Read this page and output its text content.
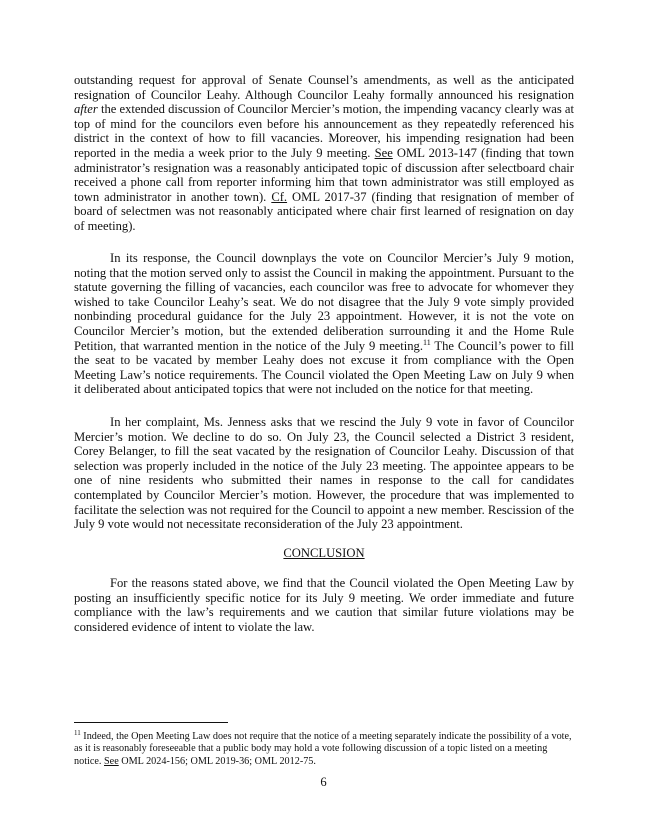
outstanding request for approval of Senate Counsel’s amendments, as well as the anticipated resignation of Councilor Leahy. Although Councilor Leahy formally announced his resignation after the extended discussion of Councilor Mercier’s motion, the impending vacancy clearly was at top of mind for the councilors even before his announcement as they repeatedly referenced his district in the context of how to fill vacancies. Moreover, his impending resignation had been reported in the media a week prior to the July 9 meeting. See OML 2013-147 (finding that town administrator’s resignation was a reasonably anticipated topic of discussion after selectboard chair received a phone call from reporter informing him that town administrator was still employed as town administrator in another town). Cf. OML 2017-37 (finding that resignation of member of board of selectmen was not reasonably anticipated where chair first learned of resignation on day of meeting).

In its response, the Council downplays the vote on Councilor Mercier’s July 9 motion, noting that the motion served only to assist the Council in making the appointment. Pursuant to the statute governing the filling of vacancies, each councilor was free to advocate for whomever they wished to take Councilor Leahy’s seat. We do not disagree that the July 9 vote simply provided nonbinding procedural guidance for the July 23 appointment. However, it is not the vote on Councilor Mercier’s motion, but the extended deliberation surrounding it and the Home Rule Petition, that warranted mention in the notice of the July 9 meeting.$^{11}$ The Council’s power to fill the seat to be vacated by member Leahy does not excuse it from compliance with the Open Meeting Law’s notice requirements. The Council violated the Open Meeting Law on July 9 when it deliberated about anticipated topics that were not included on the notice for that meeting.

In her complaint, Ms. Jenness asks that we rescind the July 9 vote in favor of Councilor Mercier’s motion. We decline to do so. On July 23, the Council selected a District 3 resident, Corey Belanger, to fill the seat vacated by the resignation of Councilor Leahy. Discussion of that selection was properly included in the notice of the July 23 meeting. The appointee appears to be one of nine residents who submitted their names in response to the call for candidates contemplated by Councilor Mercier’s motion. However, the procedure that was implemented to facilitate the selection was not required for the Council to appoint a new member. Rescission of the July 9 vote would not necessitate reconsideration of the July 23 appointment.

CONCLUSION

For the reasons stated above, we find that the Council violated the Open Meeting Law by posting an insufficiently specific notice for its July 9 meeting. We order immediate and future compliance with the law’s requirements and we caution that similar future violations may be considered evidence of intent to violate the law.

$^{11}$ Indeed, the Open Meeting Law does not require that the notice of a meeting separately indicate the possibility of a vote, as it is reasonably foreseeable that a public body may hold a vote following discussion of a topic listed on a meeting notice. See OML 2024-156; OML 2019-36; OML 2012-75.
6
